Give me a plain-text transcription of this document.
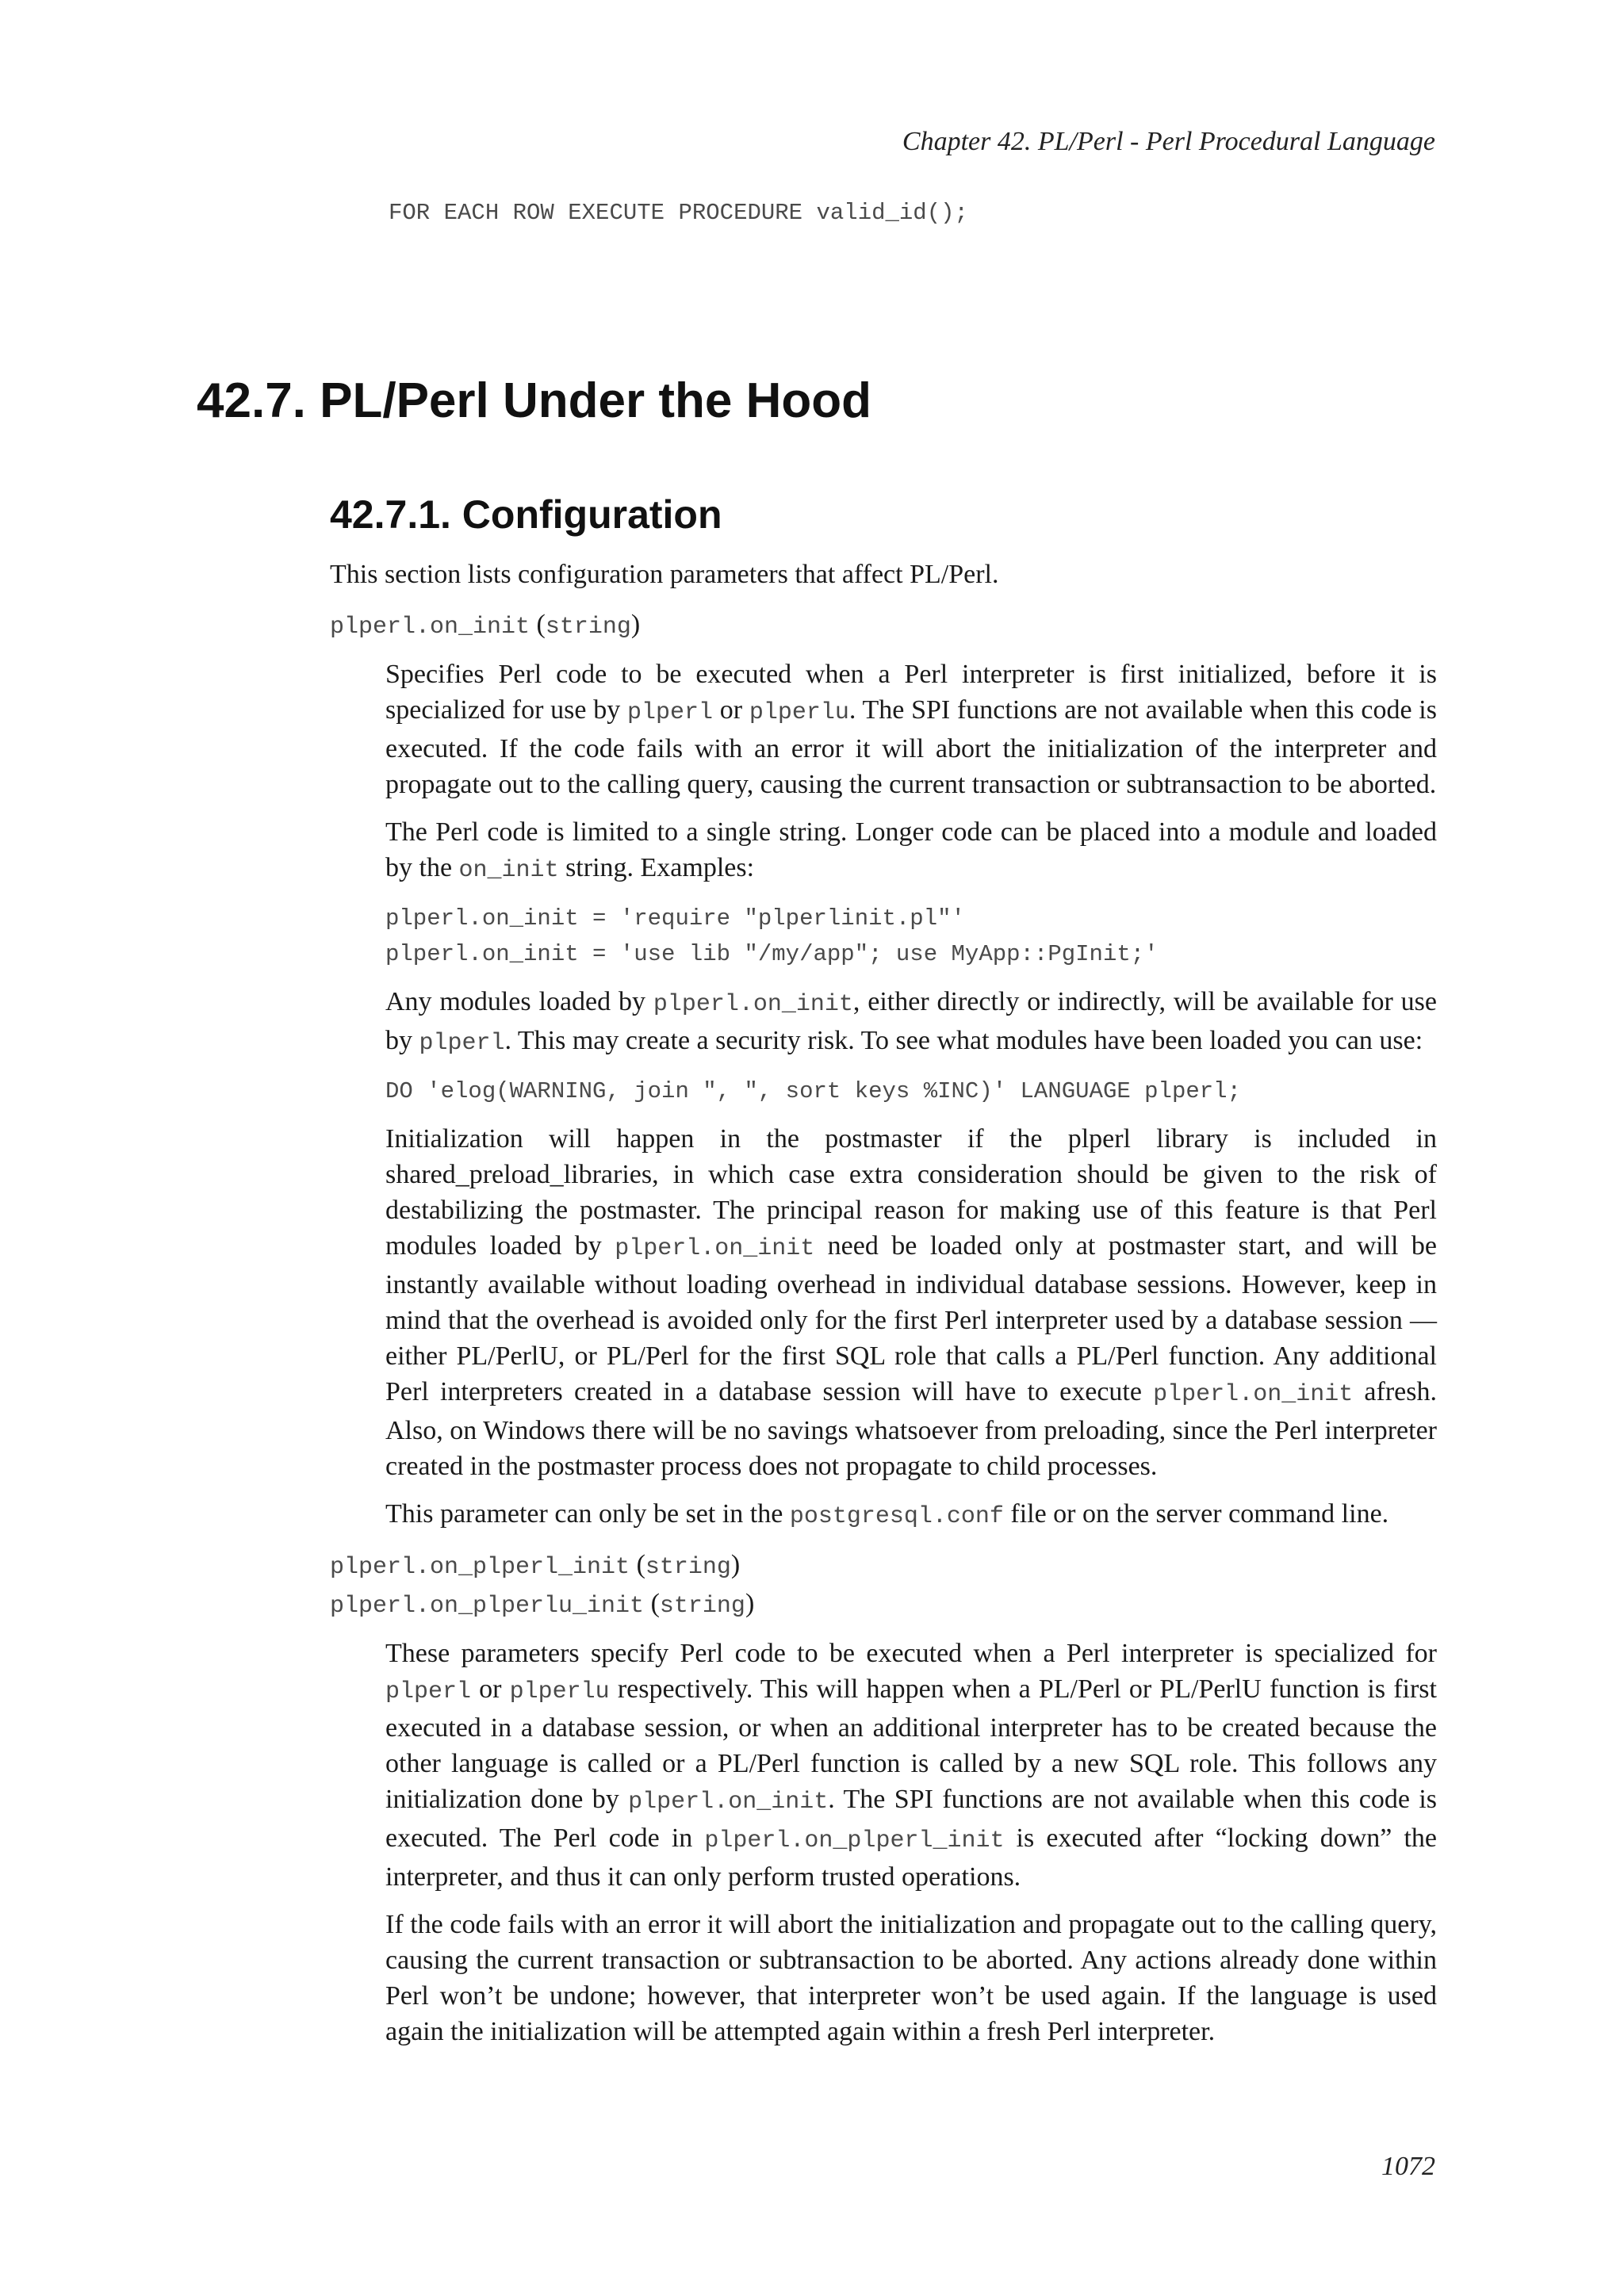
Chapter 42. PL/Perl - Perl Procedural Language
FOR EACH ROW EXECUTE PROCEDURE valid_id();
42.7. PL/Perl Under the Hood
42.7.1. Configuration

This section lists configuration parameters that affect PL/Perl.

plperl.on_init (string)

Specifies Perl code to be executed when a Perl interpreter is first initialized, before it is specialized for use by plperl or plperlu. The SPI functions are not available when this code is executed. If the code fails with an error it will abort the initialization of the interpreter and propagate out to the calling query, causing the current transaction or subtransaction to be aborted.

The Perl code is limited to a single string. Longer code can be placed into a module and loaded by the on_init string. Examples:

plperl.on_init = 'require "plperlinit.pl"'
plperl.on_init = 'use lib "/my/app"; use MyApp::PgInit;'

Any modules loaded by plperl.on_init, either directly or indirectly, will be available for use by plperl. This may create a security risk. To see what modules have been loaded you can use:

DO 'elog(WARNING, join ", ", sort keys %INC)' LANGUAGE plperl;

Initialization will happen in the postmaster if the plperl library is included in shared_preload_libraries, in which case extra consideration should be given to the risk of destabilizing the postmaster. The principal reason for making use of this feature is that Perl modules loaded by plperl.on_init need be loaded only at postmaster start, and will be instantly available without loading overhead in individual database sessions. However, keep in mind that the overhead is avoided only for the first Perl interpreter used by a database session — either PL/PerlU, or PL/Perl for the first SQL role that calls a PL/Perl function. Any additional Perl interpreters created in a database session will have to execute plperl.on_init afresh. Also, on Windows there will be no savings whatsoever from preloading, since the Perl interpreter created in the postmaster process does not propagate to child processes.

This parameter can only be set in the postgresql.conf file or on the server command line.

plperl.on_plperl_init (string)

plperl.on_plperlu_init (string)

These parameters specify Perl code to be executed when a Perl interpreter is specialized for plperl or plperlu respectively. This will happen when a PL/Perl or PL/PerlU function is first executed in a database session, or when an additional interpreter has to be created because the other language is called or a PL/Perl function is called by a new SQL role. This follows any initialization done by plperl.on_init. The SPI functions are not available when this code is executed. The Perl code in plperl.on_plperl_init is executed after “locking down” the interpreter, and thus it can only perform trusted operations.

If the code fails with an error it will abort the initialization and propagate out to the calling query, causing the current transaction or subtransaction to be aborted. Any actions already done within Perl won’t be undone; however, that interpreter won’t be used again. If the language is used again the initialization will be attempted again within a fresh Perl interpreter.

1072
